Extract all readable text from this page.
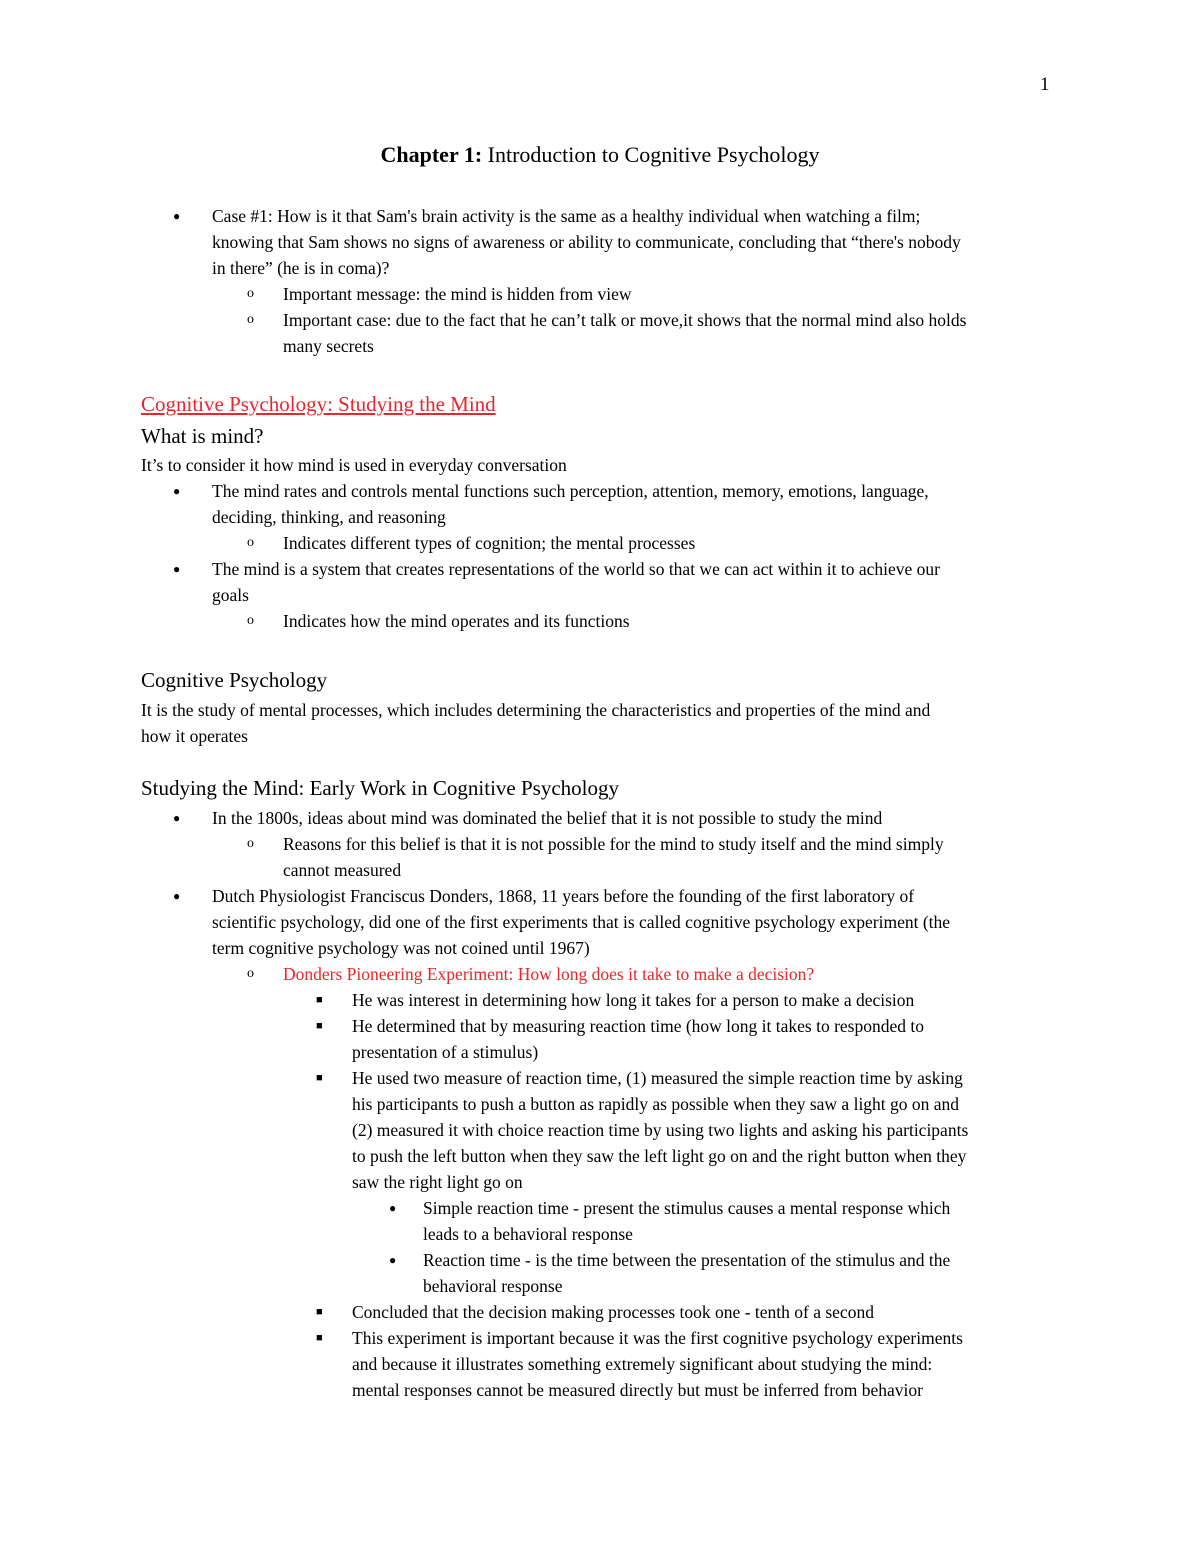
1
Chapter 1: Introduction to Cognitive Psychology
● Case #1: How is it that Sam's brain activity is the same as a healthy individual when watching a film;
knowing that Sam shows no signs of awareness or ability to communicate, concluding that “there's nobody
in there” (he is in coma)?
o Important message: the mind is hidden from view
o Important case: due to the fact that he can’t talk or move,it shows that the normal mind also holds
many secrets
Cognitive Psychology: Studying the Mind
What is mind?
It’s to consider it how mind is used in everyday conversation
● The mind rates and controls mental functions such perception, attention, memory, emotions, language,
deciding, thinking, and reasoning
o Indicates different types of cognition; the mental processes
● The mind is a system that creates representations of the world so that we can act within it to achieve our
goals
o Indicates how the mind operates and its functions
Cognitive Psychology
It is the study of mental processes, which includes determining the characteristics and properties of the mind and
how it operates
Studying the Mind: Early Work in Cognitive Psychology
● In the 1800s, ideas about mind was dominated the belief that it is not possible to study the mind
o Reasons for this belief is that it is not possible for the mind to study itself and the mind simply
cannot measured
● Dutch Physiologist Franciscus Donders, 1868, 11 years before the founding of the first laboratory of
scientific psychology, did one of the first experiments that is called cognitive psychology experiment (the
term cognitive psychology was not coined until 1967)
o Donders Pioneering Experiment: How long does it take to make a decision?
■ He was interest in determining how long it takes for a person to make a decision
■ He determined that by measuring reaction time (how long it takes to responded to
presentation of a stimulus)
■ He used two measure of reaction time, (1) measured the simple reaction time by asking
his participants to push a button as rapidly as possible when they saw a light go on and
(2) measured it with choice reaction time by using two lights and asking his participants
to push the left button when they saw the left light go on and the right button when they
saw the right light go on
● Simple reaction time - present the stimulus causes a mental response which
leads to a behavioral response
● Reaction time - is the time between the presentation of the stimulus and the
behavioral response
■ Concluded that the decision making processes took one - tenth of a second
■ This experiment is important because it was the first cognitive psychology experiments
and because it illustrates something extremely significant about studying the mind:
mental responses cannot be measured directly but must be inferred from behavior
